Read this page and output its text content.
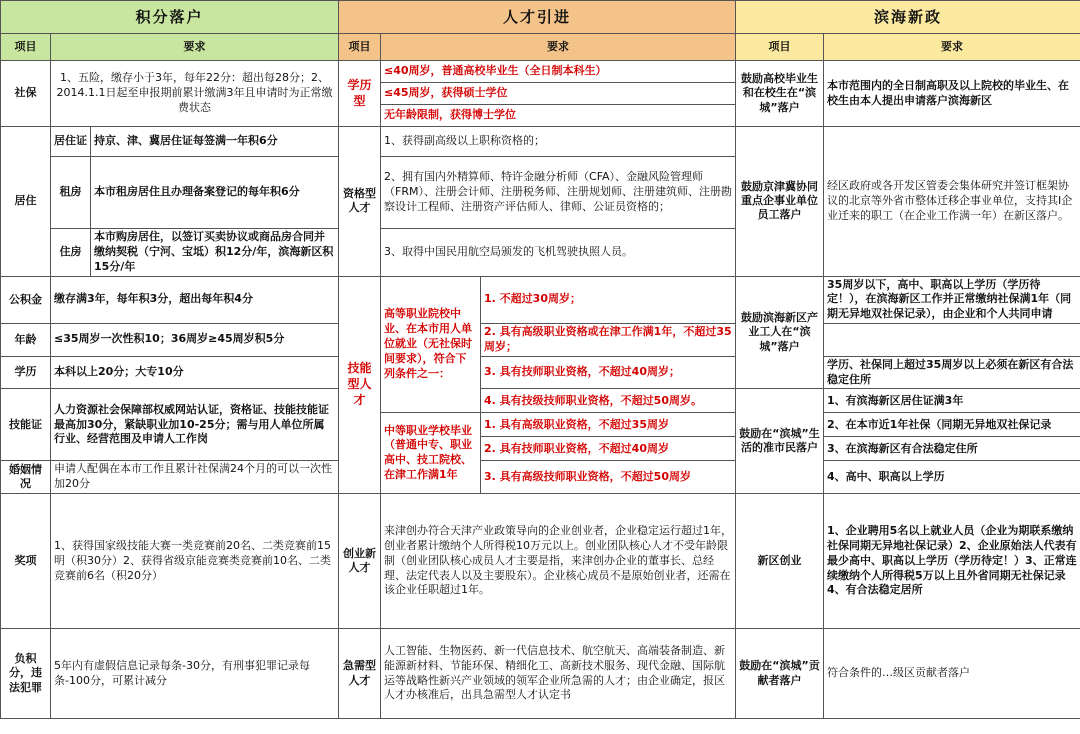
积分落户			人才引进			滨海新政	
项目	要求		项目	要求		项目	要求
社保	1、五险，缴存小于3年，每年22分：超出每28分；2、2014.1.1日起至申报期前累计缴满3年且申请时为正常缴费状态		学历型	≤40周岁，普通高校毕业生（全日制本科生）		鼓励高校毕业生和在校生在“滨城”落户	本市范围内的全日制高职及以上院校的毕业生、在校生由本人提出申请落户滨海新区
				≤45周岁，获得硕士学位			
				无年龄限制，获得博士学位			
居住	居住证	持京、津、冀居住证每签满一年积6分	资格型人才	1、获得副高级以上职称资格的；		鼓励京津冀协同重点企事业单位员工落户	经区政府或各开发区管委会集体研究并签订框架协议的北京等外省市整体迁移企事业单位，支持其Ⅰ企业迁来的职工（在企业工作满一年）在新区落户。
	租房	本市租房居住且办理备案登记的每年积6分		2、拥有国内外精算师、特许金融分析师（CFA）、金融风险管理师（FRM）、注册会计师、注册税务师、注册规划师、注册建筑师、注册勘察设计工程师、注册资产评估师人、律师、公证员资格的；			
	住房	本市购房居住，以签订买卖协议或商品房合同并缴纳契税（宁河、宝坻）积12分/年，滨海新区积15分/年		3、取得中国民用航空局颁发的飞机驾驶执照人员。			
公积金	缴存满3年，每年积3分，超出每年积4分		技能型人才	高等职业院校中业、在本市用人单位就业（无社保时间要求），符合下列条件之一：	1. 不超过30周岁；	鼓励滨海新区产业工人在“滨城”落户	35周岁以下，高中、职高以上学历（学历待定！），在滨海新区工作并正常缴纳社保满1年（同期无异地双社保记录），由企业和个人共同申请
年龄	≤35周岁一次性积10；36周岁≥45周岁积5分				2. 具有高级职业资格或在津工作满1年，不超过35周岁；		
学历	本科以上20分；大专10分				3. 具有技师职业资格，不超过40周岁；		学历、社保同上超过35周岁以上必须在新区有合法稳定住所
技能证	人力资源社会保障部权威网站认证，资格证、技能技能证最高加30分，紧缺职业加10-25分；需与用人单位所属行业、经营范围及申请人工作岗				4. 具有技级技师职业资格，不超过50周岁。	鼓励在“滨城”生活的准市民落户	1、有滨海新区居住证满3年
				中等职业学校毕业（普通中专、职业高中、技工院校、在津工作满1年	1. 具有高级职业资格，不超过35周岁		2、在本市近1年社保（同期无异地双社保记录
					2. 具有技师职业资格，不超过40周岁		3、在滨海新区有合法稳定住所
婚姻情况	申请人配偶在本市工作且累计社保满24个月的可以一次性加20分				3. 具有高级技师职业资格，不超过50周岁		4、高中、职高以上学历
奖项	1、获得国家级技能大赛一类竞赛前20名、二类竞赛前15明（积30分）2、获得省级京能竞赛类竞赛前10名、二类竞赛前6名（积20分）		创业新人才	来津创办符合天津产业政策导向的企业创业者，企业稳定运行超过1年，创业者累计缴纳个人所得税10万元以上。创业团队核心人才不受年龄限制（创业团队核心成员人才主要是指，来津创办企业的董事长、总经理、法定代表人以及主要股东）。企业核心成员不是原始创业者，还需在该企业任职超过1年。		新区创业	1、企业聘用5名以上就业人员（企业为期联系缴纳社保同期无异地社保记录）2、企业原始法人代表有最少高中、职高以上学历（学历待定！）3、正常连续缴纳个人所得税5万以上且外省同期无社保记录4、有合法稳定居所
负积分，违法犯罪	5年内有虚假信息记录每条-30分，有刑事犯罪记录每条-100分，可累计减分		急需型人才	人工智能、生物医药、新一代信息技术、航空航天、高端装备制造、新能源新材料、节能环保、精细化工、高新技术服务、现代金融、国际航运等战略性新兴产业领域的领军企业所急需的人才；由企业确定，报区人才办核准后，出具急需型人才认定书		鼓励在“滨城”贡献者落户	符合条件的…级区贡献者落户
